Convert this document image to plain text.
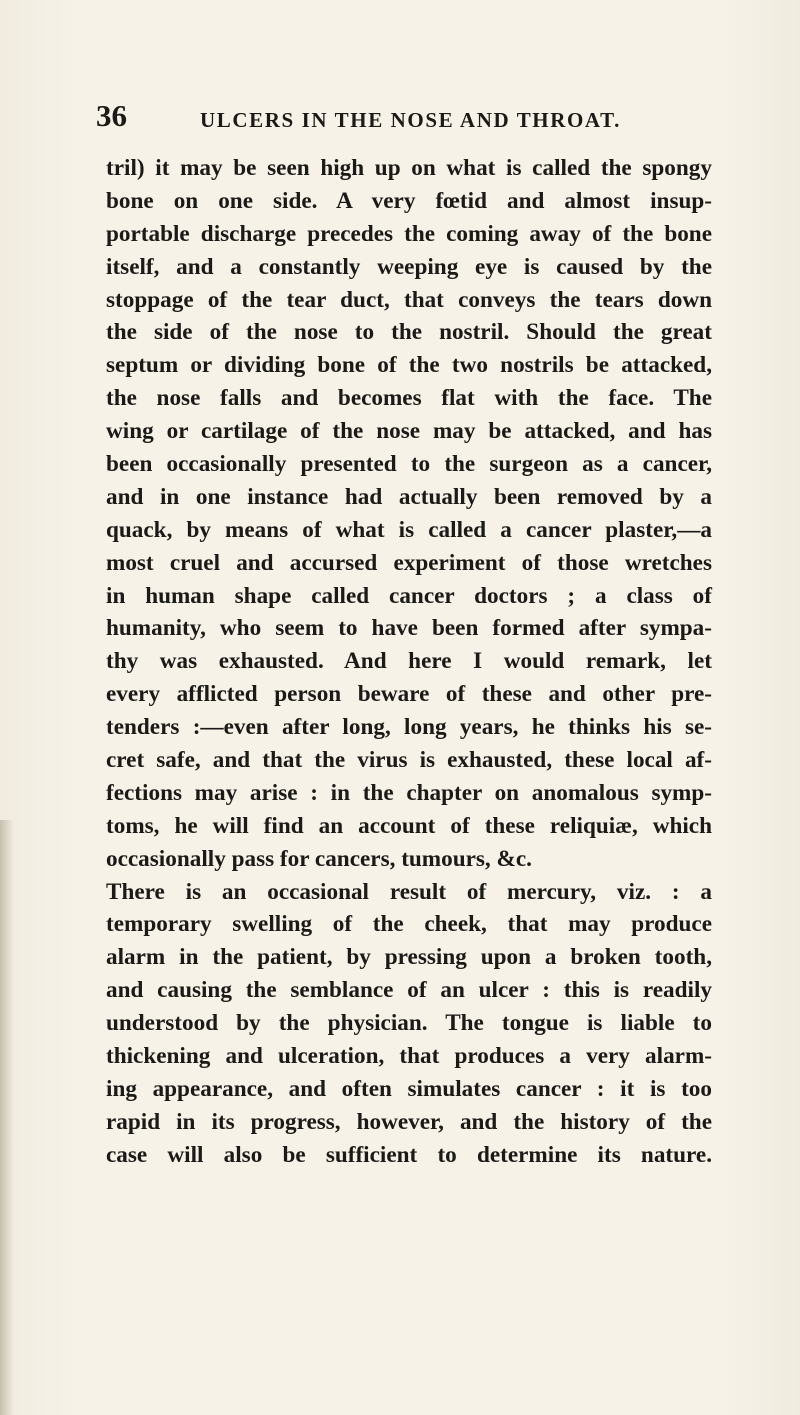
36	ULCERS IN THE NOSE AND THROAT.
tril) it may be seen high up on what is called the spongy
bone on one side. A very fœtid and almost insup-
portable discharge precedes the coming away of the bone
itself, and a constantly weeping eye is caused by the
stoppage of the tear duct, that conveys the tears down
the side of the nose to the nostril. Should the great
septum or dividing bone of the two nostrils be attacked,
the nose falls and becomes flat with the face. The
wing or cartilage of the nose may be attacked, and has
been occasionally presented to the surgeon as a cancer,
and in one instance had actually been removed by a
quack, by means of what is called a cancer plaster,—a
most cruel and accursed experiment of those wretches
in human shape called cancer doctors ; a class of
humanity, who seem to have been formed after sympa-
thy was exhausted. And here I would remark, let
every afflicted person beware of these and other pre-
tenders :—even after long, long years, he thinks his se-
cret safe, and that the virus is exhausted, these local af-
fections may arise : in the chapter on anomalous symp-
toms, he will find an account of these reliquiæ, which
occasionally pass for cancers, tumours, &c.
There is an occasional result of mercury, viz. : a
temporary swelling of the cheek, that may produce
alarm in the patient, by pressing upon a broken tooth,
and causing the semblance of an ulcer : this is readily
understood by the physician. The tongue is liable to
thickening and ulceration, that produces a very alarm-
ing appearance, and often simulates cancer : it is too
rapid in its progress, however, and the history of the
case will also be sufficient to determine its nature.
